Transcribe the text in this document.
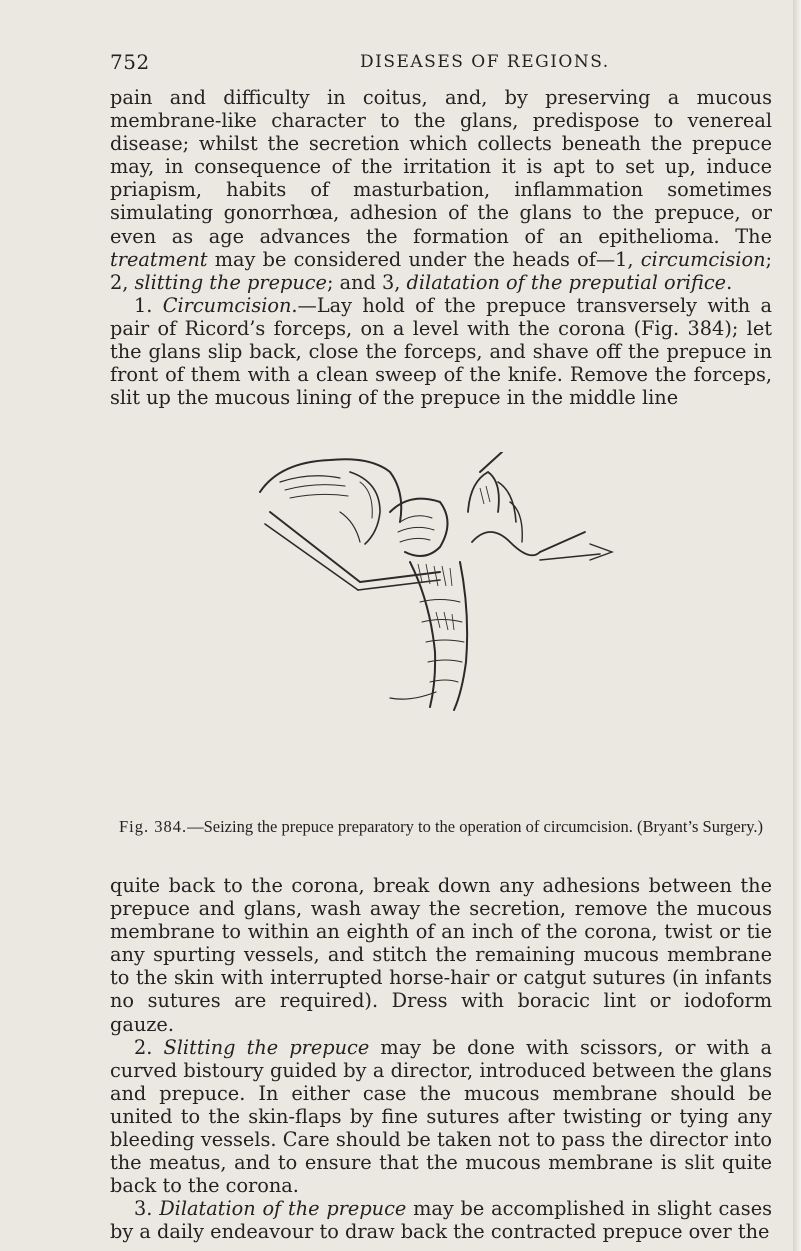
752	DISEASES OF REGIONS.

pain and difficulty in coitus, and, by preserving a mucous membrane-like character to the glans, predispose to venereal disease; whilst the secretion which collects beneath the prepuce may, in consequence of the irritation it is apt to set up, induce priapism, habits of masturbation, inflammation sometimes simulating gonorrhœa, adhesion of the glans to the prepuce, or even as age advances the formation of an epithelioma. The treatment may be considered under the heads of—1, circumcision; 2, slitting the prepuce; and 3, dilatation of the preputial orifice.

1. Circumcision.—Lay hold of the prepuce transversely with a pair of Ricord’s forceps, on a level with the corona (Fig. 384); let the glans slip back, close the forceps, and shave off the prepuce in front of them with a clean sweep of the knife. Remove the forceps, slit up the mucous lining of the prepuce in the middle line

Fig. 384.—Seizing the prepuce preparatory to the operation of circumcision. (Bryant’s Surgery.)

quite back to the corona, break down any adhesions between the prepuce and glans, wash away the secretion, remove the mucous membrane to within an eighth of an inch of the corona, twist or tie any spurting vessels, and stitch the remaining mucous membrane to the skin with interrupted horse-hair or catgut sutures (in infants no sutures are required). Dress with boracic lint or iodoform gauze.

2. Slitting the prepuce may be done with scissors, or with a curved bistoury guided by a director, introduced between the glans and prepuce. In either case the mucous membrane should be united to the skin-flaps by fine sutures after twisting or tying any bleeding vessels. Care should be taken not to pass the director into the meatus, and to ensure that the mucous membrane is slit quite back to the corona.

3. Dilatation of the prepuce may be accomplished in slight cases by a daily endeavour to draw back the contracted prepuce over the
